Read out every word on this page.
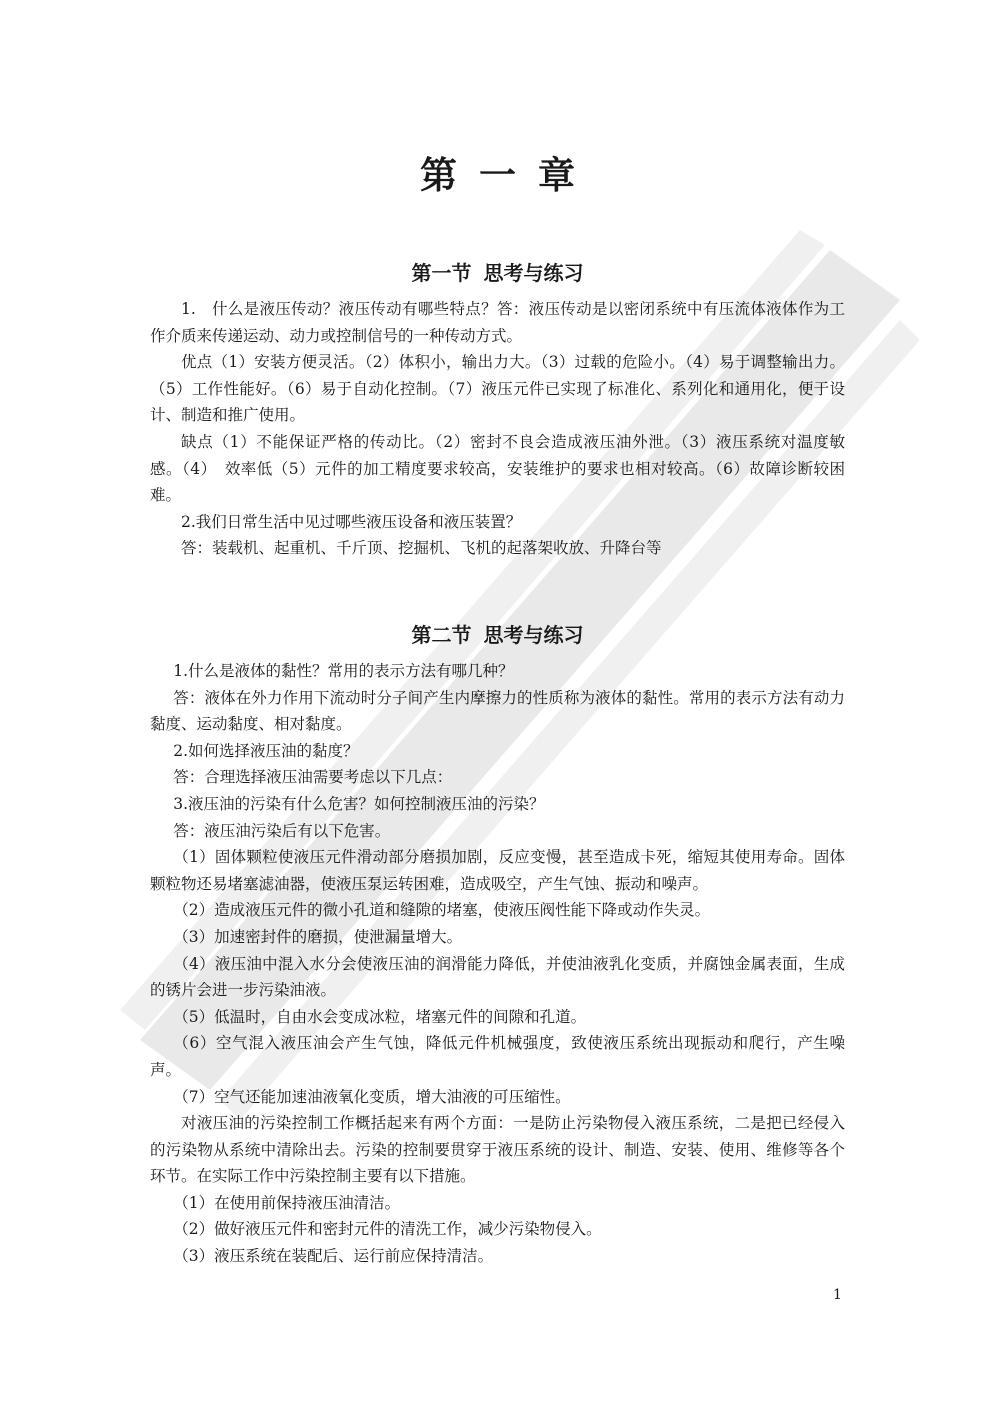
第一章
第一节 思考与练习

1.　什么是液压传动？液压传动有哪些特点？答：液压传动是以密闭系统中有压流体液体作为工作介质来传递运动、动力或控制信号的一种传动方式。

优点（1）安装方便灵活。（2）体积小，输出力大。（3）过载的危险小。（4）易于调整输出力。（5）工作性能好。（6）易于自动化控制。（7）液压元件已实现了标准化、系列化和通用化，便于设计、制造和推广使用。

缺点（1）不能保证严格的传动比。（2）密封不良会造成液压油外泄。（3）液压系统对温度敏感。（4）　效率低（5）元件的加工精度要求较高，安装维护的要求也相对较高。（6）故障诊断较困难。

2.我们日常生活中见过哪些液压设备和液压装置？

答：装载机、起重机、千斤顶、挖掘机、飞机的起落架收放、升降台等

第二节 思考与练习

1.什么是液体的黏性？常用的表示方法有哪几种？

答：液体在外力作用下流动时分子间产生内摩擦力的性质称为液体的黏性。常用的表示方法有动力黏度、运动黏度、相对黏度。

2.如何选择液压油的黏度？

答：合理选择液压油需要考虑以下几点：

3.液压油的污染有什么危害？如何控制液压油的污染？

答：液压油污染后有以下危害。

（1）固体颗粒使液压元件滑动部分磨损加剧，反应变慢，甚至造成卡死，缩短其使用寿命。固体颗粒物还易堵塞滤油器，使液压泵运转困难，造成吸空，产生气蚀、振动和噪声。

（2）造成液压元件的微小孔道和缝隙的堵塞，使液压阀性能下降或动作失灵。

（3）加速密封件的磨损，使泄漏量增大。

（4）液压油中混入水分会使液压油的润滑能力降低，并使油液乳化变质，并腐蚀金属表面，生成的锈片会进一步污染油液。

（5）低温时，自由水会变成冰粒，堵塞元件的间隙和孔道。

（6）空气混入液压油会产生气蚀，降低元件机械强度，致使液压系统出现振动和爬行，产生噪声。

（7）空气还能加速油液氧化变质，增大油液的可压缩性。

对液压油的污染控制工作概括起来有两个方面：一是防止污染物侵入液压系统，二是把已经侵入的污染物从系统中清除出去。污染的控制要贯穿于液压系统的设计、制造、安装、使用、维修等各个环节。在实际工作中污染控制主要有以下措施。

（1）在使用前保持液压油清洁。

（2）做好液压元件和密封元件的清洗工作，减少污染物侵入。

（3）液压系统在装配后、运行前应保持清洁。

1
